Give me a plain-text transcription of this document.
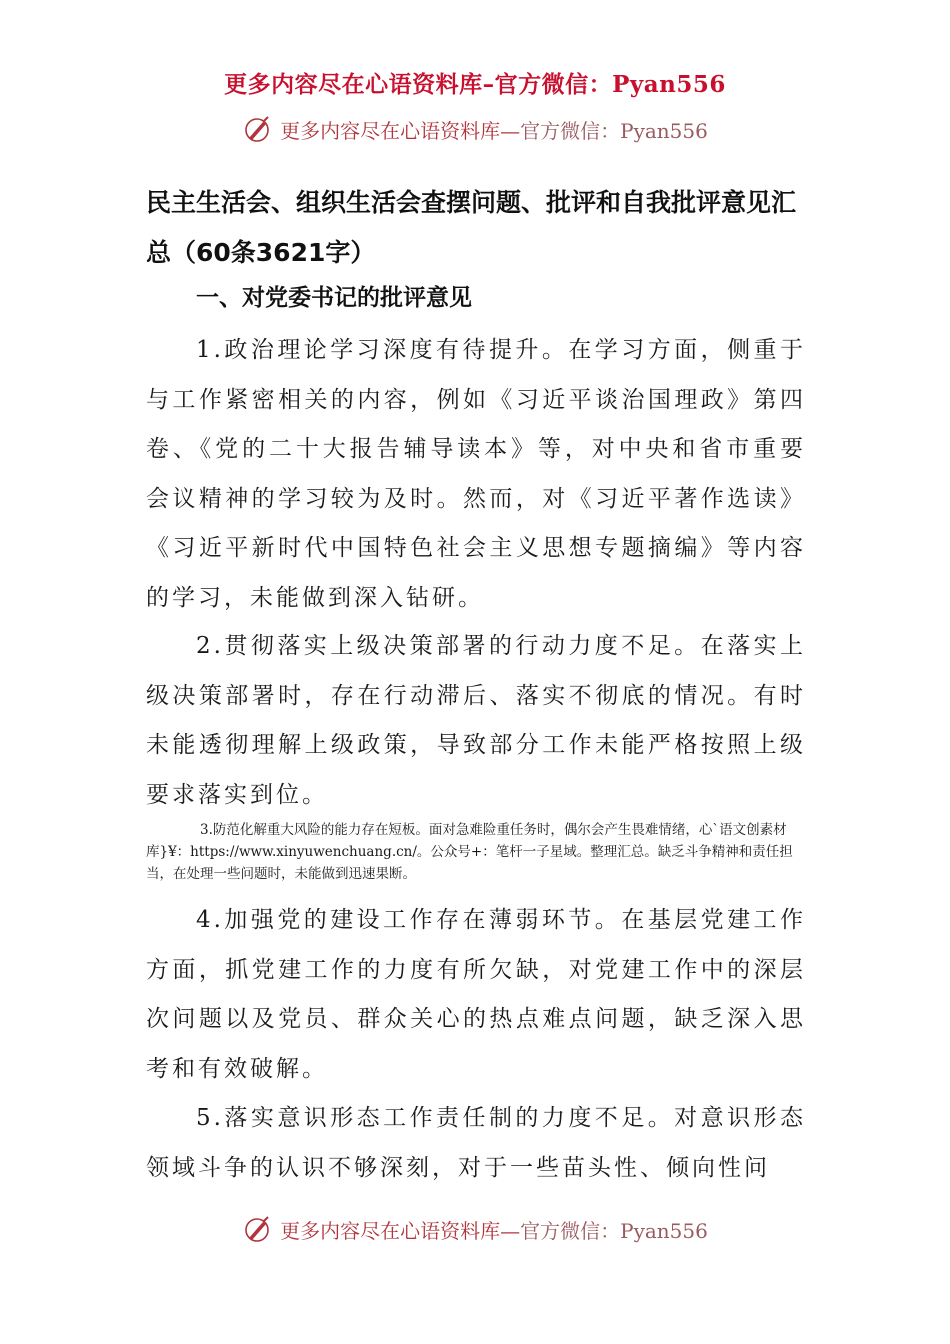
更多内容尽在心语资料库–官方微信：Pyan556
更多内容尽在心语资料库—官方微信：Pyan556
民主生活会、组织生活会查摆问题、批评和自我批评意见汇总（60条3621字）
一、对党委书记的批评意见

1.政治理论学习深度有待提升。在学习方面，侧重于与工作紧密相关的内容，例如《习近平谈治国理政》第四卷、《党的二十大报告辅导读本》等，对中央和省市重要会议精神的学习较为及时。然而，对《习近平著作选读》《习近平新时代中国特色社会主义思想专题摘编》等内容的学习，未能做到深入钻研。

2.贯彻落实上级决策部署的行动力度不足。在落实上级决策部署时，存在行动滞后、落实不彻底的情况。有时未能透彻理解上级政策，导致部分工作未能严格按照上级要求落实到位。

3.防范化解重大风险的能力存在短板。面对急难险重任务时，偶尔会产生畏难情绪，心`语文创素材库}¥：https://www.xinyuwenchuang.cn/。公众号+：笔杆一子星域。整理汇总。缺乏斗争精神和责任担当，在处理一些问题时，未能做到迅速果断。

4.加强党的建设工作存在薄弱环节。在基层党建工作方面，抓党建工作的力度有所欠缺，对党建工作中的深层次问题以及党员、群众关心的热点难点问题，缺乏深入思考和有效破解。

5.落实意识形态工作责任制的力度不足。对意识形态领域斗争的认识不够深刻，对于一些苗头性、倾向性问

更多内容尽在心语资料库—官方微信：Pyan556
